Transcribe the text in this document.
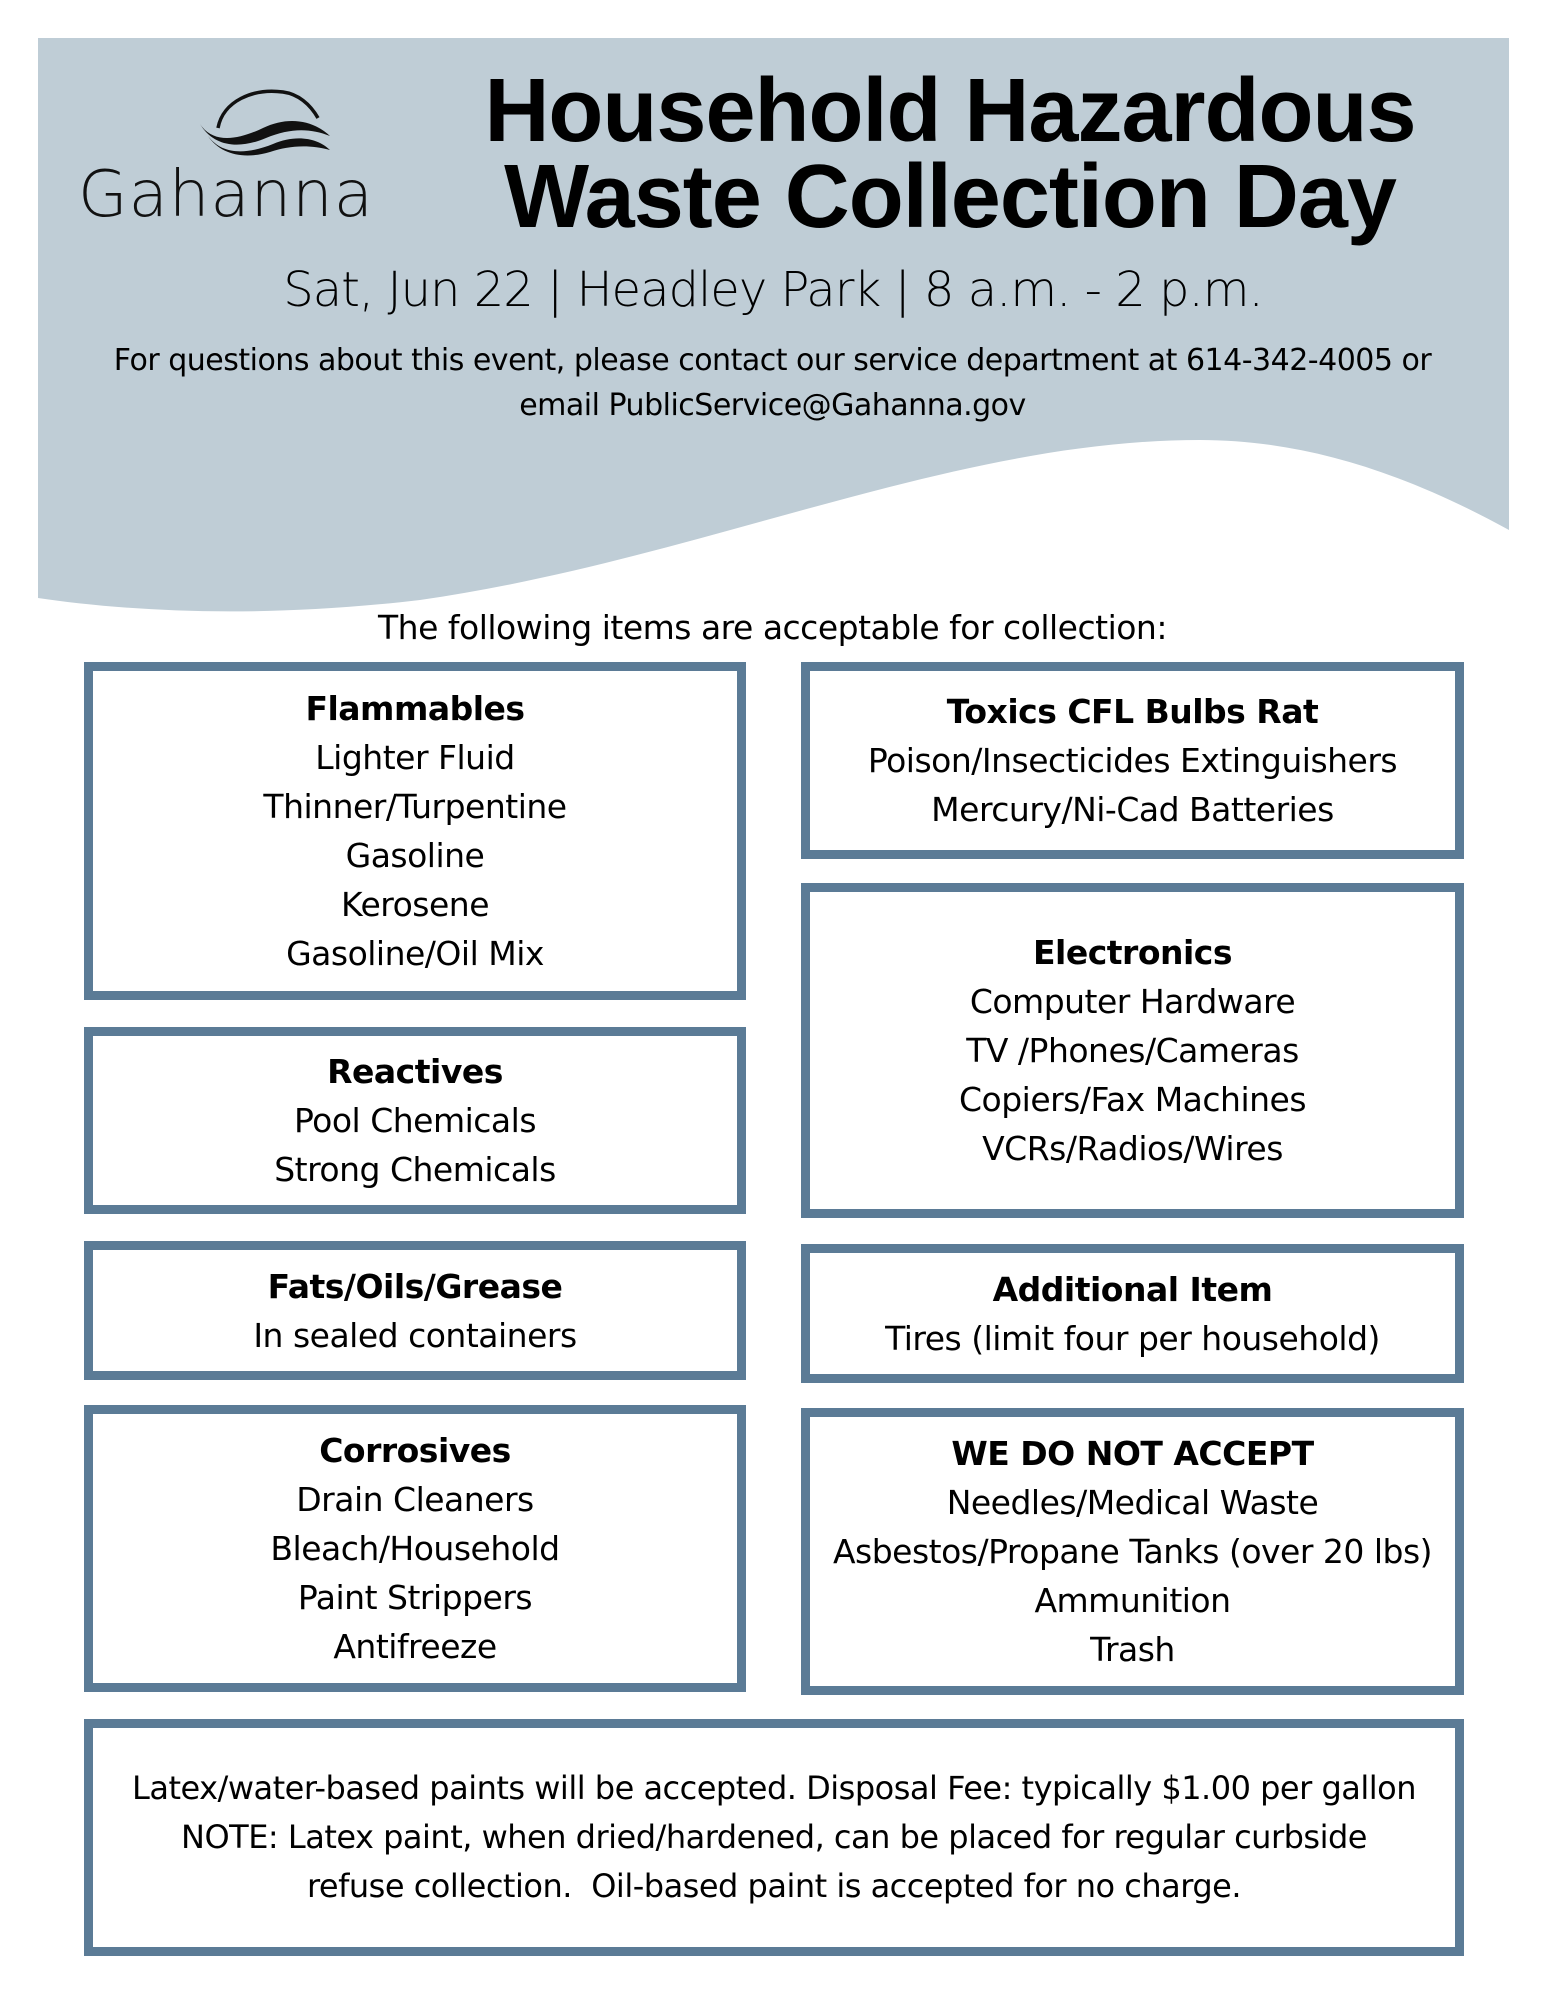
Gahanna
Household Hazardous
Waste Collection Day
Sat, Jun 22 | Headley Park | 8 a.m. - 2 p.m.
For questions about this event, please contact our service department at 614-342-4005 or
email PublicService@Gahanna.gov
The following items are acceptable for collection:
Flammables
Lighter Fluid
Thinner/Turpentine
Gasoline
Kerosene
Gasoline/Oil Mix
Reactives
Pool Chemicals
Strong Chemicals
Fats/Oils/Grease
In sealed containers
Corrosives
Drain Cleaners
Bleach/Household
Paint Strippers
Antifreeze
Toxics CFL Bulbs Rat
Poison/Insecticides Extinguishers
Mercury/Ni-Cad Batteries
Electronics
Computer Hardware
TV /Phones/Cameras
Copiers/Fax Machines
VCRs/Radios/Wires
Additional Item
Tires (limit four per household)
WE DO NOT ACCEPT
Needles/Medical Waste
Asbestos/Propane Tanks (over 20 lbs)
Ammunition
Trash
Latex/water-based paints will be accepted. Disposal Fee: typically $1.00 per gallon
NOTE: Latex paint, when dried/hardened, can be placed for regular curbside
refuse collection.  Oil-based paint is accepted for no charge.
